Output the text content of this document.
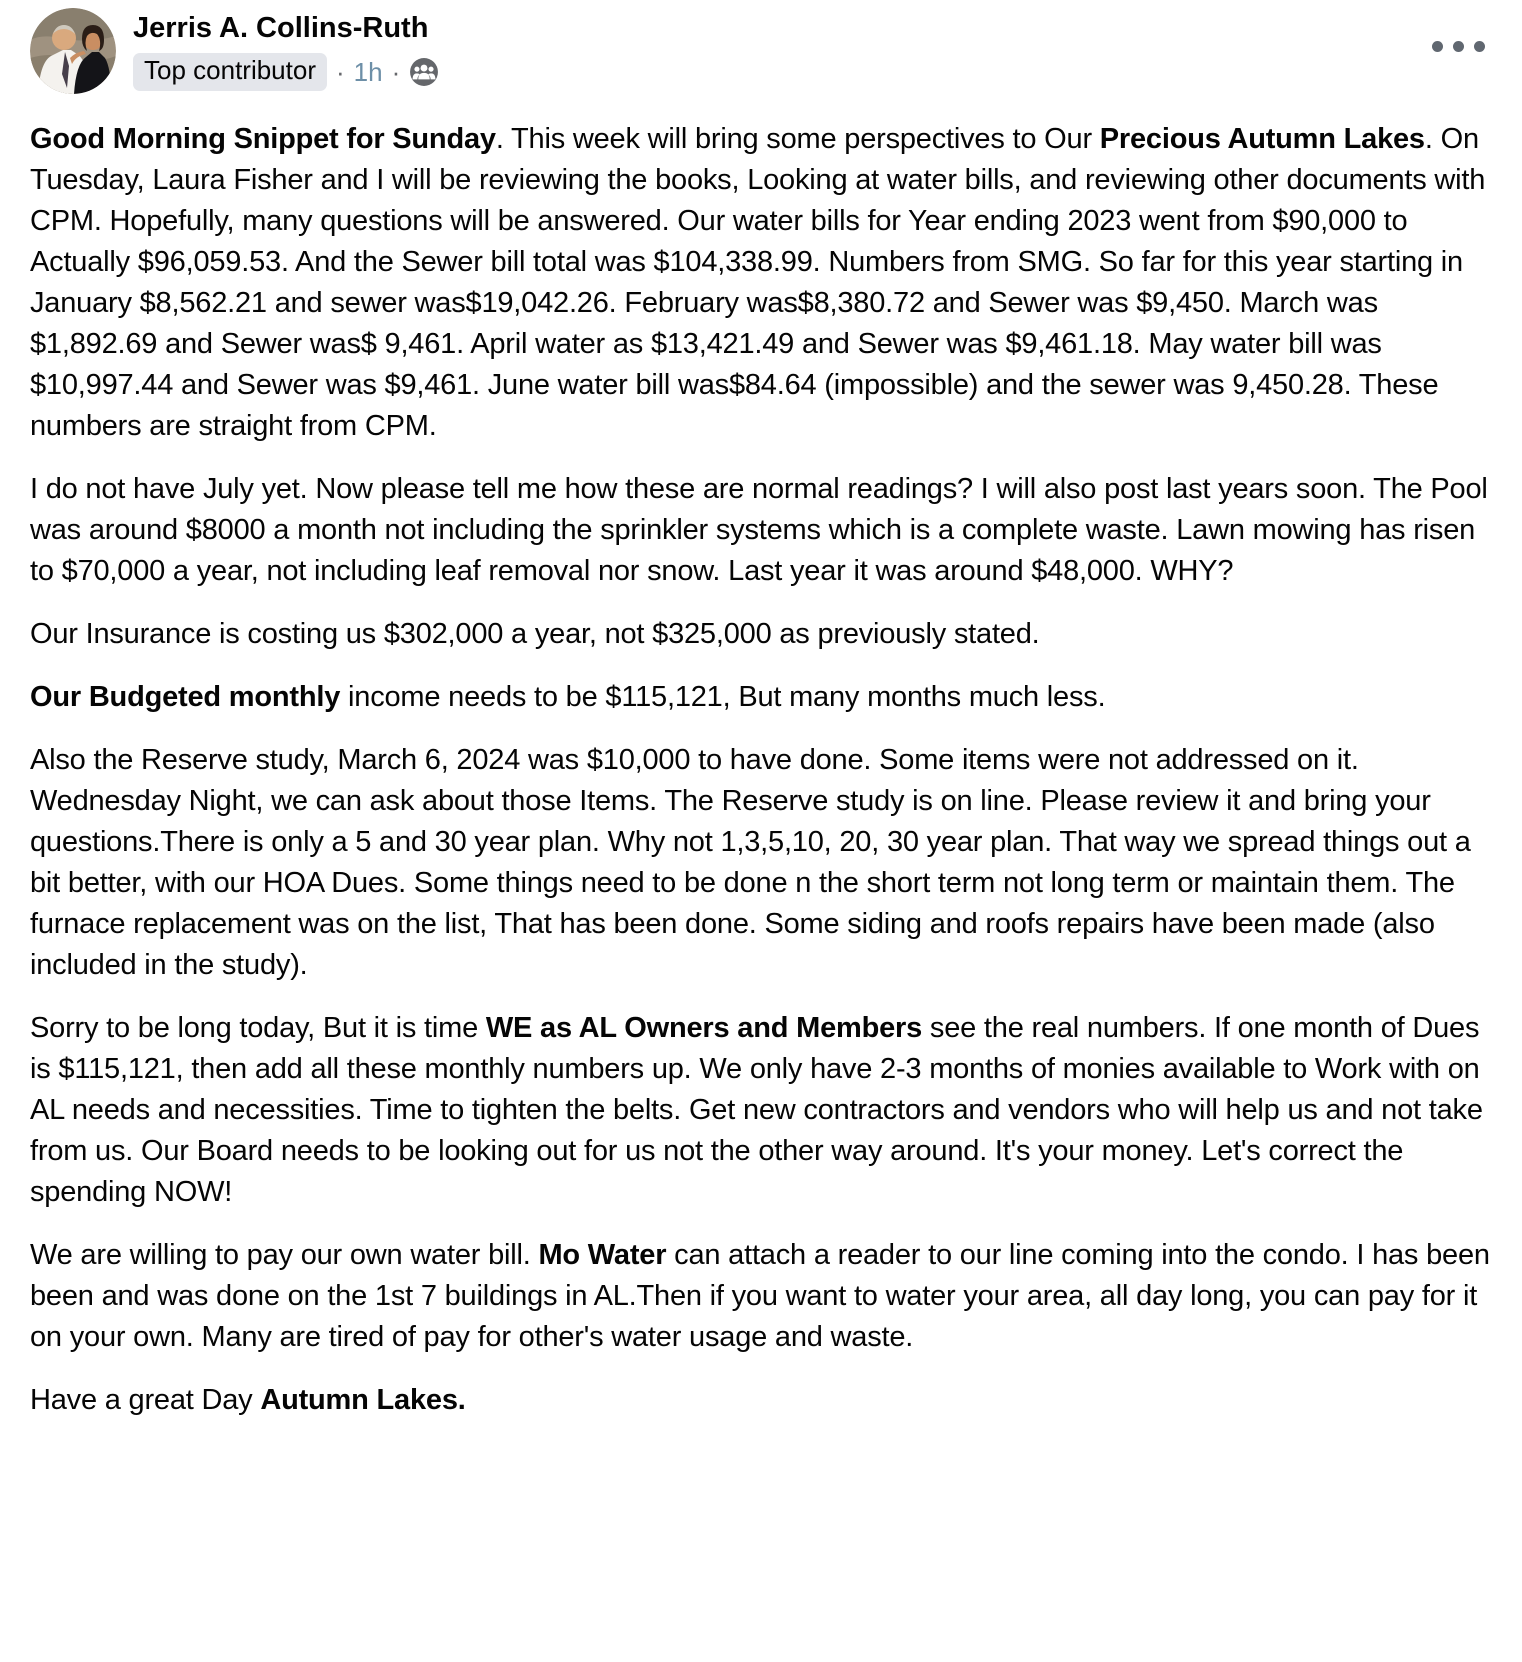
Jerris A. Collins-Ruth
Top contributor · 1h ·

Good Morning Snippet for Sunday. This week will bring some perspectives to Our Precious Autumn Lakes. On Tuesday, Laura Fisher and I will be reviewing the books, Looking at water bills, and reviewing other documents with CPM. Hopefully, many questions will be answered. Our water bills for Year ending 2023 went from $90,000 to Actually $96,059.53. And the Sewer bill total was $104,338.99. Numbers from SMG. So far for this year starting in January $8,562.21 and sewer was$19,042.26. February was$8,380.72 and Sewer was $9,450. March was $1,892.69 and Sewer was$ 9,461. April water as $13,421.49 and Sewer was $9,461.18. May water bill was $10,997.44 and Sewer was $9,461. June water bill was$84.64 (impossible) and the sewer was 9,450.28. These numbers are straight from CPM.

I do not have July yet. Now please tell me how these are normal readings? I will also post last years soon. The Pool was around $8000 a month not including the sprinkler systems which is a complete waste. Lawn mowing has risen to $70,000 a year, not including leaf removal nor snow. Last year it was around $48,000. WHY?

Our Insurance is costing us $302,000 a year, not $325,000 as previously stated.

Our Budgeted monthly income needs to be $115,121, But many months much less.

Also the Reserve study, March 6, 2024 was $10,000 to have done. Some items were not addressed on it. Wednesday Night, we can ask about those Items. The Reserve study is on line. Please review it and bring your questions.There is only a 5 and 30 year plan. Why not 1,3,5,10, 20, 30 year plan. That way we spread things out a bit better, with our HOA Dues. Some things need to be done n the short term not long term or maintain them. The furnace replacement was on the list, That has been done. Some siding and roofs repairs have been made (also included in the study).

Sorry to be long today, But it is time WE as AL Owners and Members see the real numbers. If one month of Dues is $115,121, then add all these monthly numbers up. We only have 2-3 months of monies available to Work with on AL needs and necessities. Time to tighten the belts. Get new contractors and vendors who will help us and not take from us. Our Board needs to be looking out for us not the other way around. It's your money. Let's correct the spending NOW!

We are willing to pay our own water bill. Mo Water can attach a reader to our line coming into the condo. I has been been and was done on the 1st 7 buildings in AL.Then if you want to water your area, all day long, you can pay for it on your own. Many are tired of pay for other's water usage and waste.

Have a great Day Autumn Lakes.
